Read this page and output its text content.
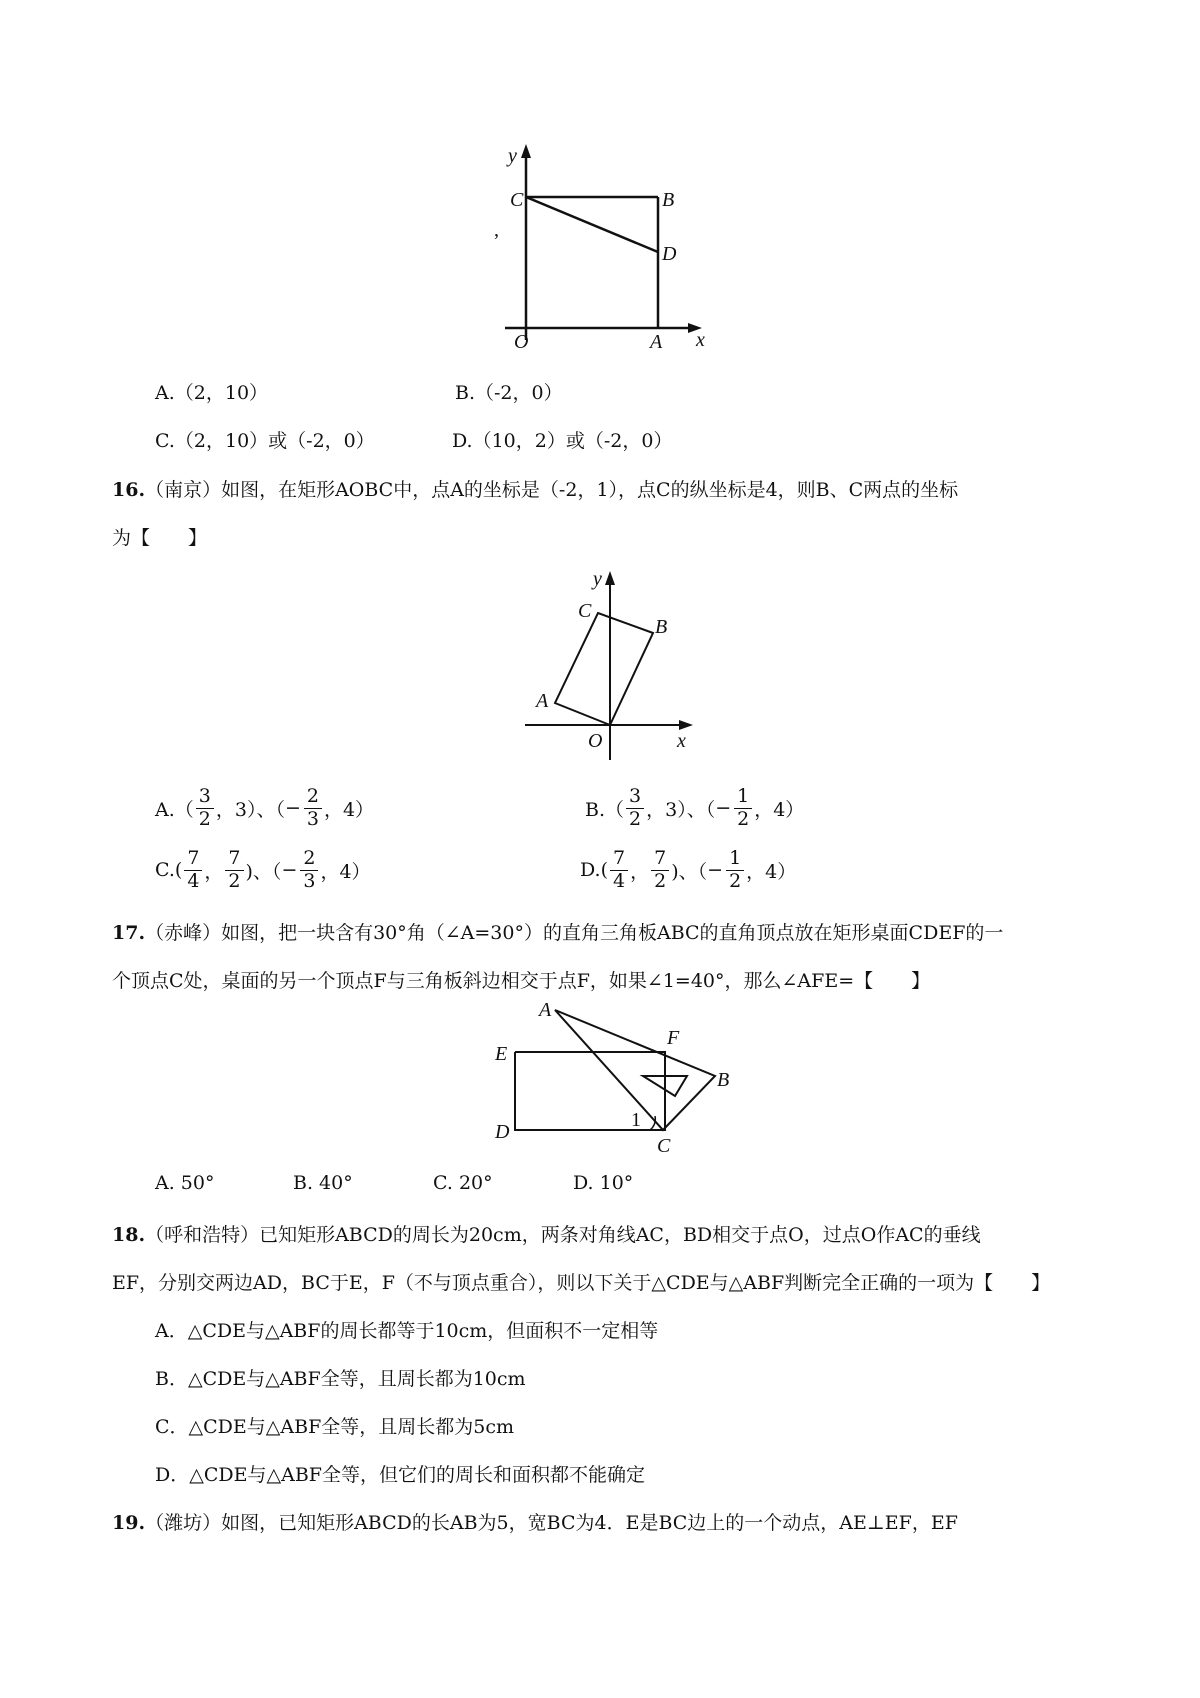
y
C	B
D
O	A x
,
A.（2，10）	B.（-2，0）
C.（2，10）或（-2，0）	D.（10，2）或（-2，0）
16.（南京）如图，在矩形AOBC中，点A的坐标是（-2，1），点C的纵坐标是4，则B、C两点的坐标
为【　　】
y
C
B
A
O	x
$A.( \frac{3}{2}$ ，3）、（ − $\frac{2}{3}$ ，4）	$B.( \frac{3}{2}$ ，3）、（ − $\frac{1}{2}$ ，4）
$C.( \frac{7}{4}$ ， $\frac{7}{2}$ )、（ − $\frac{2}{3}$ ，4）	$D.( \frac{7}{4}$ ， $\frac{7}{2}$ )、（ − $\frac{1}{2}$ ，4）
17.（赤峰）如图，把一块含有30°角（∠A=30°）的直角三角板ABC的直角顶点放在矩形桌面CDEF的一
个顶点C处，桌面的另一个顶点F与三角板斜边相交于点F，如果∠1=40°，那么∠AFE=【　　】
A
E
F
B
D
C
1
A. 50°	B. 40°	C. 20°	D. 10°
18.（呼和浩特）已知矩形ABCD的周长为20cm，两条对角线AC，BD相交于点O，过点O作AC的垂线
EF，分别交两边AD，BC于E，F（不与顶点重合），则以下关于△CDE与△ABF判断完全正确的一项为【　　】
A．△CDE与△ABF的周长都等于10cm，但面积不一定相等
B．△CDE与△ABF全等，且周长都为10cm
C．△CDE与△ABF全等，且周长都为5cm
D．△CDE与△ABF全等，但它们的周长和面积都不能确定
19.（潍坊）如图，已知矩形ABCD的长AB为5，宽BC为4．E是BC边上的一个动点，AE⊥EF，EF
